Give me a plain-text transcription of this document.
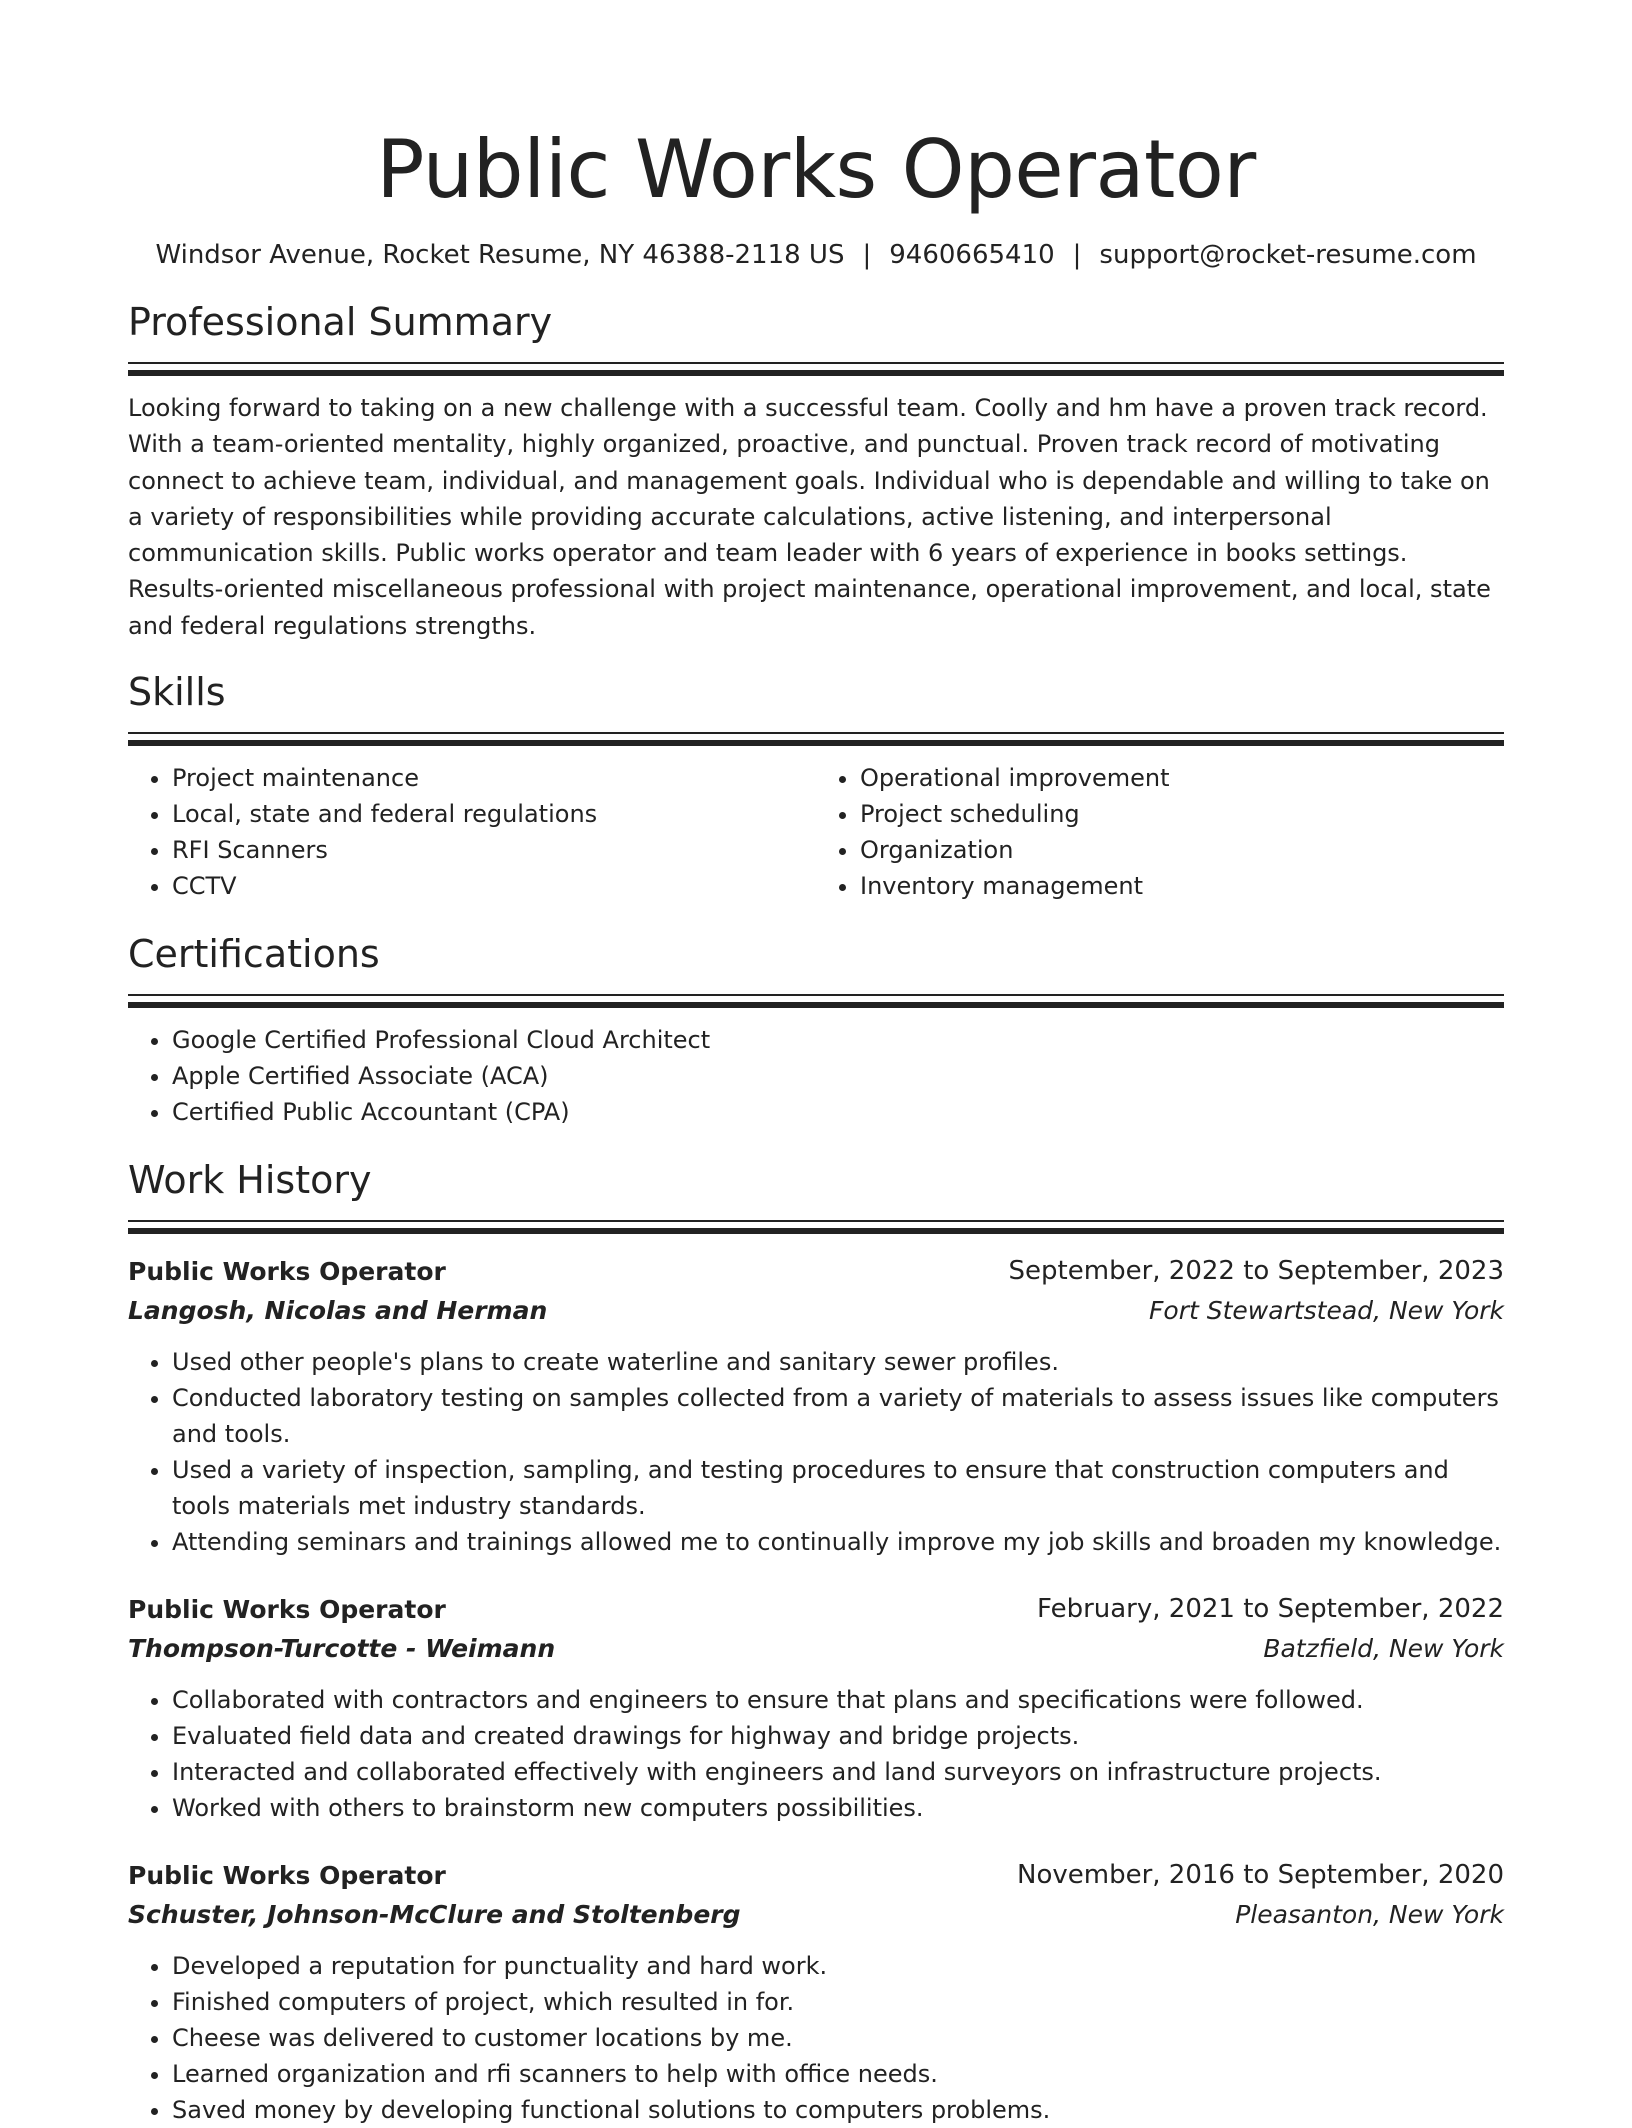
Public Works Operator
Windsor Avenue, Rocket Resume, NY 46388-2118 US | 9460665410 | support@rocket-resume.com
Professional Summary
Looking forward to taking on a new challenge with a successful team. Coolly and hm have a proven track record. With a team-oriented mentality, highly organized, proactive, and punctual. Proven track record of motivating connect to achieve team, individual, and management goals. Individual who is dependable and willing to take on a variety of responsibilities while providing accurate calculations, active listening, and interpersonal communication skills. Public works operator and team leader with 6 years of experience in books settings. Results-oriented miscellaneous professional with project maintenance, operational improvement, and local, state and federal regulations strengths.
Skills
• Project maintenance
• Local, state and federal regulations
• RFI Scanners
• CCTV
• Operational improvement
• Project scheduling
• Organization
• Inventory management
Certifications
• Google Certified Professional Cloud Architect
• Apple Certified Associate (ACA)
• Certified Public Accountant (CPA)
Work History
Public Works Operator	September, 2022 to September, 2023
Langosh, Nicolas and Herman	Fort Stewartstead, New York
• Used other people's plans to create waterline and sanitary sewer profiles.
• Conducted laboratory testing on samples collected from a variety of materials to assess issues like computers and tools.
• Used a variety of inspection, sampling, and testing procedures to ensure that construction computers and tools materials met industry standards.
• Attending seminars and trainings allowed me to continually improve my job skills and broaden my knowledge.
Public Works Operator	February, 2021 to September, 2022
Thompson-Turcotte - Weimann	Batzfield, New York
• Collaborated with contractors and engineers to ensure that plans and specifications were followed.
• Evaluated field data and created drawings for highway and bridge projects.
• Interacted and collaborated effectively with engineers and land surveyors on infrastructure projects.
• Worked with others to brainstorm new computers possibilities.
Public Works Operator	November, 2016 to September, 2020
Schuster, Johnson-McClure and Stoltenberg	Pleasanton, New York
• Developed a reputation for punctuality and hard work.
• Finished computers of project, which resulted in for.
• Cheese was delivered to customer locations by me.
• Learned organization and rfi scanners to help with office needs.
• Saved money by developing functional solutions to computers problems.
